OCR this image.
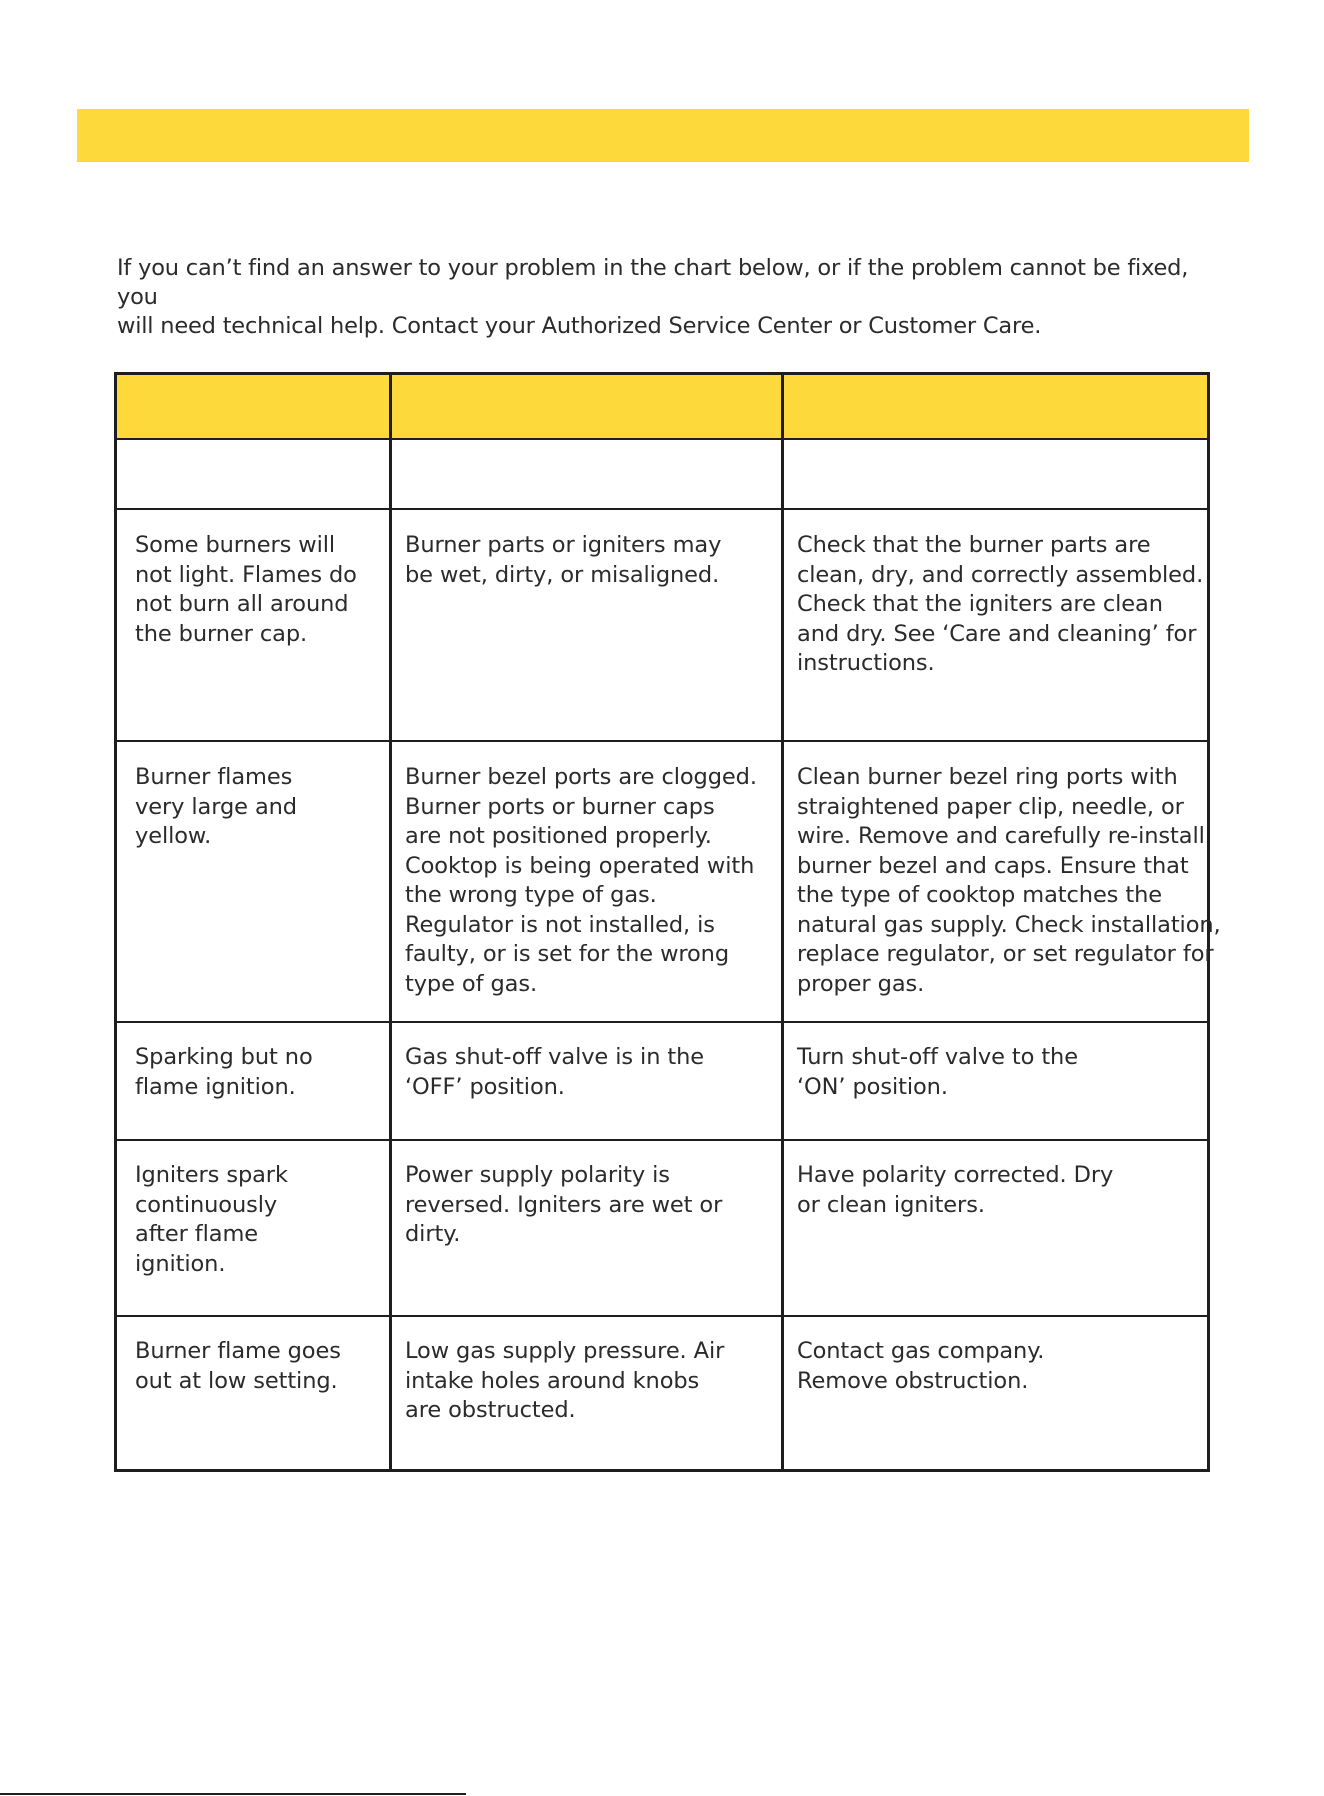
If you can’t find an answer to your problem in the chart below, or if the problem cannot be fixed, you

will need technical help. Contact your Authorized Service Center or Customer Care.

Some burners will
not light. Flames do
not burn all around
the burner cap.
Burner parts or igniters may
be wet, dirty, or misaligned.
Check that the burner parts are
clean, dry, and correctly assembled.
Check that the igniters are clean
and dry. See ‘Care and cleaning’ for
instructions.
Burner flames
very large and
yellow.
Burner bezel ports are clogged.
Burner ports or burner caps
are not positioned properly.
Cooktop is being operated with
the wrong type of gas.
Regulator is not installed, is
faulty, or is set for the wrong
type of gas.
Clean burner bezel ring ports with
straightened paper clip, needle, or
wire. Remove and carefully re-install
burner bezel and caps. Ensure that
the type of cooktop matches the
natural gas supply. Check installation,
replace regulator, or set regulator for
proper gas.
Sparking but no
flame ignition.
Gas shut-off valve is in the
‘OFF’ position.
Turn shut-off valve to the
‘ON’ position.
Igniters spark
continuously
after flame
ignition.
Power supply polarity is
reversed. Igniters are wet or
dirty.
Have polarity corrected. Dry
or clean igniters.
Burner flame goes
out at low setting.
Low gas supply pressure. Air
intake holes around knobs
are obstructed.
Contact gas company.
Remove obstruction.
